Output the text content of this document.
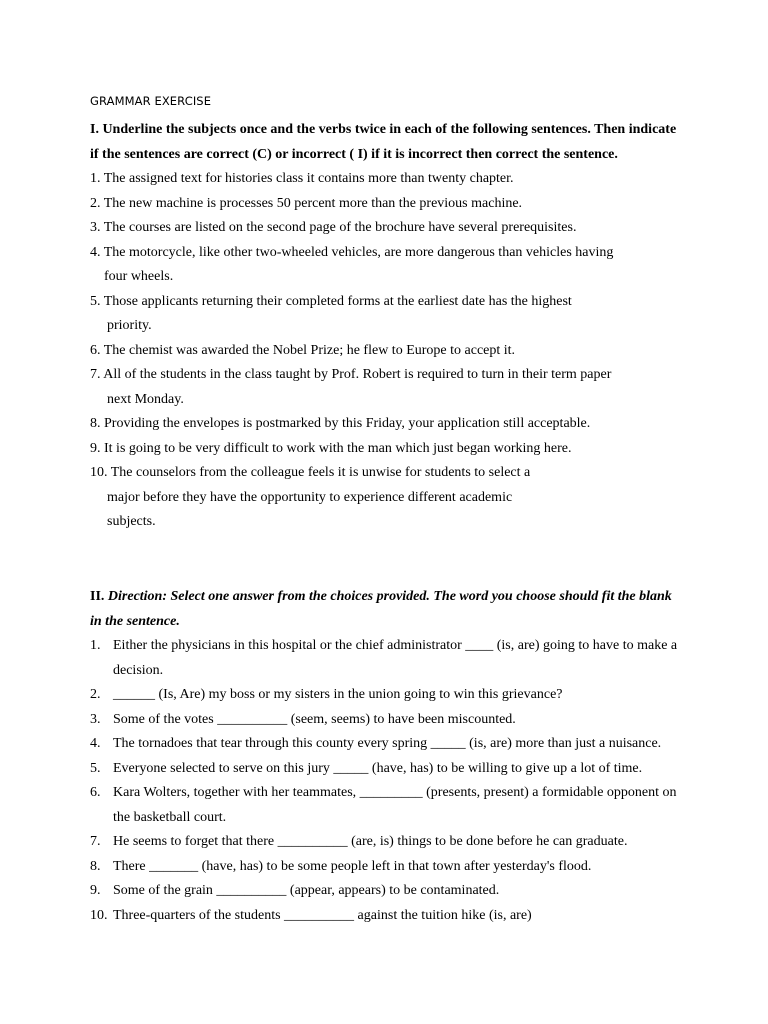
GRAMMAR EXERCISE
I. Underline the subjects once and the verbs twice in each of the following sentences. Then indicate
if the sentences are correct (C) or incorrect ( I) if it is incorrect then correct the sentence.
1. The assigned text for histories class it contains more than twenty chapter.
2. The new machine is processes 50 percent more than the previous machine.
3. The courses are listed on the second page of the brochure have several prerequisites.
4. The motorcycle, like other two-wheeled vehicles, are more dangerous than vehicles having
four wheels.
5. Those applicants returning their completed forms at the earliest date has the highest
priority.
6. The chemist was awarded the Nobel Prize; he flew to Europe to accept it.
7. All of the students in the class taught by Prof. Robert is required to turn in their term paper
next Monday.
8. Providing the envelopes is postmarked by this Friday, your application still acceptable.
9. It is going to be very difficult to work with the man which just began working here.
10. The counselors from the colleague feels it is unwise for students to select a
major before they have the opportunity to experience different academic
subjects.
II. Direction: Select one answer from the choices provided. The word you choose should fit the blank
in the sentence.
1. Either the physicians in this hospital or the chief administrator ____ (is, are) going to have to make a
decision.
2. ______ (Is, Are) my boss or my sisters in the union going to win this grievance?
3. Some of the votes __________ (seem, seems) to have been miscounted.
4. The tornadoes that tear through this county every spring _____ (is, are) more than just a nuisance.
5. Everyone selected to serve on this jury _____ (have, has) to be willing to give up a lot of time.
6. Kara Wolters, together with her teammates, _________ (presents, present) a formidable opponent on
the basketball court.
7. He seems to forget that there __________ (are, is) things to be done before he can graduate.
8. There _______ (have, has) to be some people left in that town after yesterday's flood.
9. Some of the grain __________ (appear, appears) to be contaminated.
10. Three-quarters of the students __________ against the tuition hike (is, are)
